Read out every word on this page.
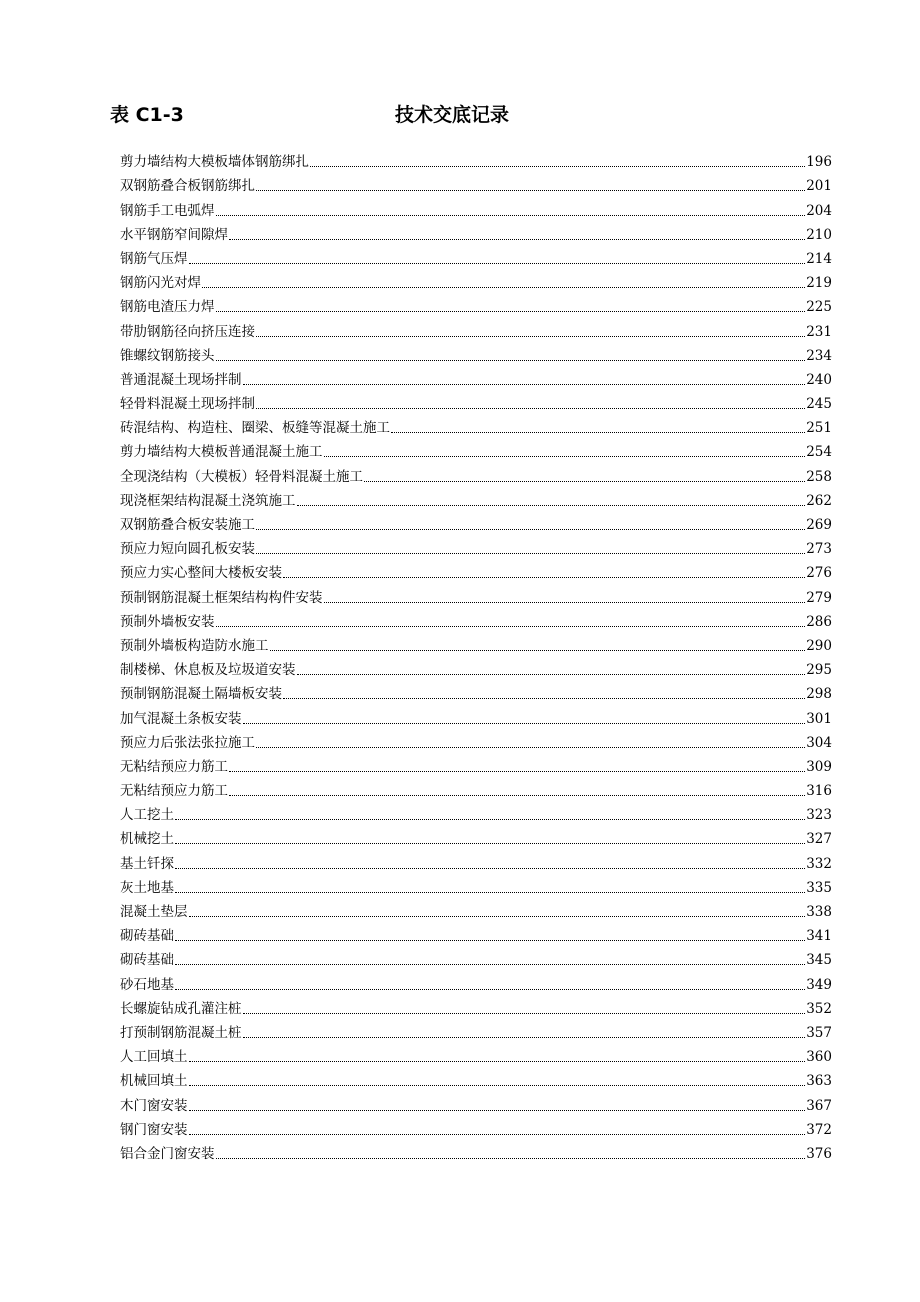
表 C1-3	技术交底记录
剪力墙结构大模板墙体钢筋绑扎	196
双钢筋叠合板钢筋绑扎	201
钢筋手工电弧焊	204
水平钢筋窄间隙焊	210
钢筋气压焊	214
钢筋闪光对焊	219
钢筋电渣压力焊	225
带肋钢筋径向挤压连接	231
锥螺纹钢筋接头	234
普通混凝土现场拌制	240
轻骨料混凝土现场拌制	245
砖混结构、构造柱、圈梁、板缝等混凝土施工	251
剪力墙结构大模板普通混凝土施工	254
全现浇结构（大模板）轻骨料混凝土施工	258
现浇框架结构混凝土浇筑施工	262
双钢筋叠合板安装施工	269
预应力短向圆孔板安装	273
预应力实心整间大楼板安装	276
预制钢筋混凝土框架结构构件安装	279
预制外墙板安装	286
预制外墙板构造防水施工	290
制楼梯、休息板及垃圾道安装	295
预制钢筋混凝土隔墙板安装	298
加气混凝土条板安装	301
预应力后张法张拉施工	304
无粘结预应力筋工	309
无粘结预应力筋工	316
人工挖土	323
机械挖土	327
基土钎探	332
灰土地基	335
混凝土垫层	338
砌砖基础	341
砌砖基础	345
砂石地基	349
长螺旋钻成孔灌注桩	352
打预制钢筋混凝土桩	357
人工回填土	360
机械回填土	363
木门窗安装	367
钢门窗安装	372
铝合金门窗安装	376
